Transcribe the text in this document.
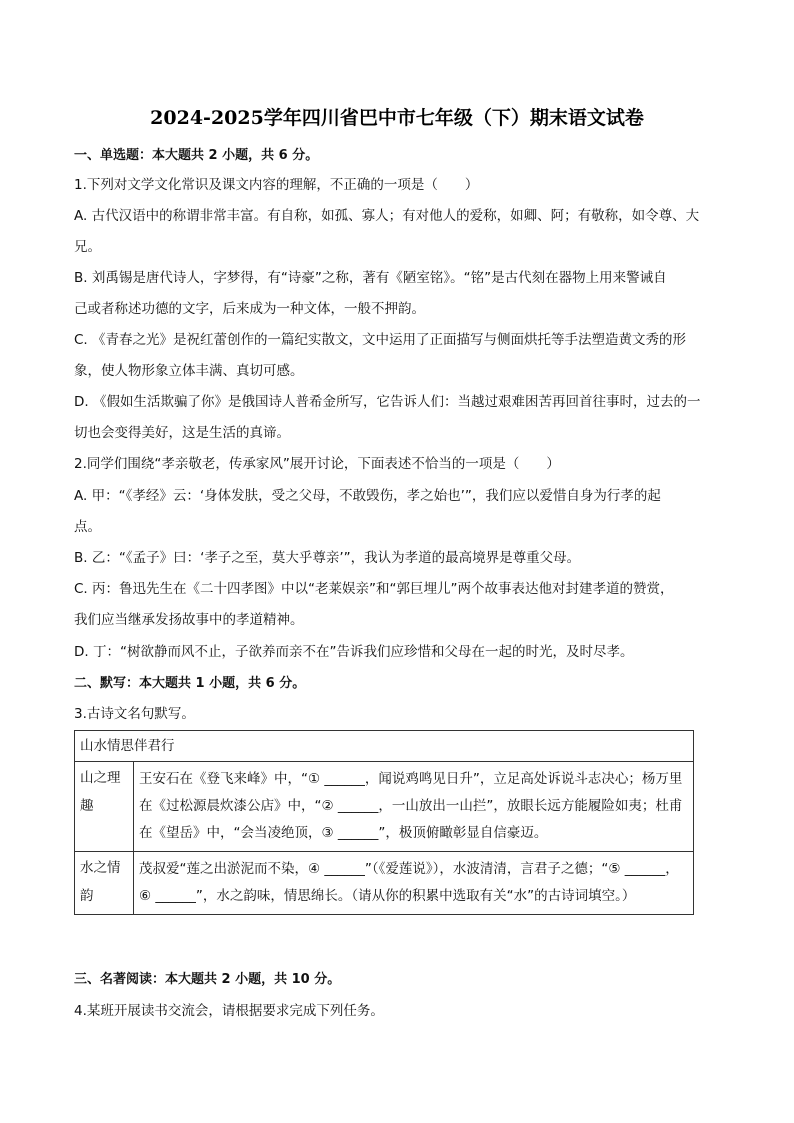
2024-2025学年四川省巴中市七年级（下）期末语文试卷
一、单选题：本大题共 2 小题，共 6 分。
1.下列对文学文化常识及课文内容的理解，不正确的一项是（　　）
A. 古代汉语中的称谓非常丰富。有自称，如孤、寡人；有对他人的爱称，如卿、阿；有敬称，如令尊、大
兄。
B. 刘禹锡是唐代诗人，字梦得，有“诗豪”之称，著有《陋室铭》。“铭”是古代刻在器物上用来警诫自
己或者称述功德的文字，后来成为一种文体，一般不押韵。
C. 《青春之光》是祝红蕾创作的一篇纪实散文，文中运用了正面描写与侧面烘托等手法塑造黄文秀的形
象，使人物形象立体丰满、真切可感。
D. 《假如生活欺骗了你》是俄国诗人普希金所写，它告诉人们：当越过艰难困苦再回首往事时，过去的一
切也会变得美好，这是生活的真谛。
2.同学们围绕“孝亲敬老，传承家风”展开讨论，下面表述不恰当的一项是（　　）
A. 甲：“《孝经》云：‘身体发肤，受之父母，不敢毁伤，孝之始也’”，我们应以爱惜自身为行孝的起
点。
B. 乙：“《孟子》曰：‘孝子之至，莫大乎尊亲’”，我认为孝道的最高境界是尊重父母。
C. 丙：鲁迅先生在《二十四孝图》中以“老莱娱亲”和“郭巨埋儿”两个故事表达他对封建孝道的赞赏，
我们应当继承发扬故事中的孝道精神。
D. 丁：“树欲静而风不止，子欲养而亲不在”告诉我们应珍惜和父母在一起的时光，及时尽孝。
二、默写：本大题共 1 小题，共 6 分。
3.古诗文名句默写。
山水情思伴君行	
山之理趣	王安石在《登飞来峰》中，“① ______，闻说鸡鸣见日升”，立足高处诉说斗志决心；杨万里在《过松源晨炊漆公店》中，“② ______，一山放出一山拦”，放眼长远方能履险如夷；杜甫在《望岳》中，“会当凌绝顶，③ ______”，极顶俯瞰彰显自信豪迈。
水之情韵	茂叔爱“莲之出淤泥而不染，④ ______”（《爱莲说》），水波清清，言君子之德；“⑤ ______，⑥ ______”，水之韵味，情思绵长。（请从你的积累中选取有关“水”的古诗词填空。）
三、名著阅读：本大题共 2 小题，共 10 分。
4.某班开展读书交流会，请根据要求完成下列任务。
